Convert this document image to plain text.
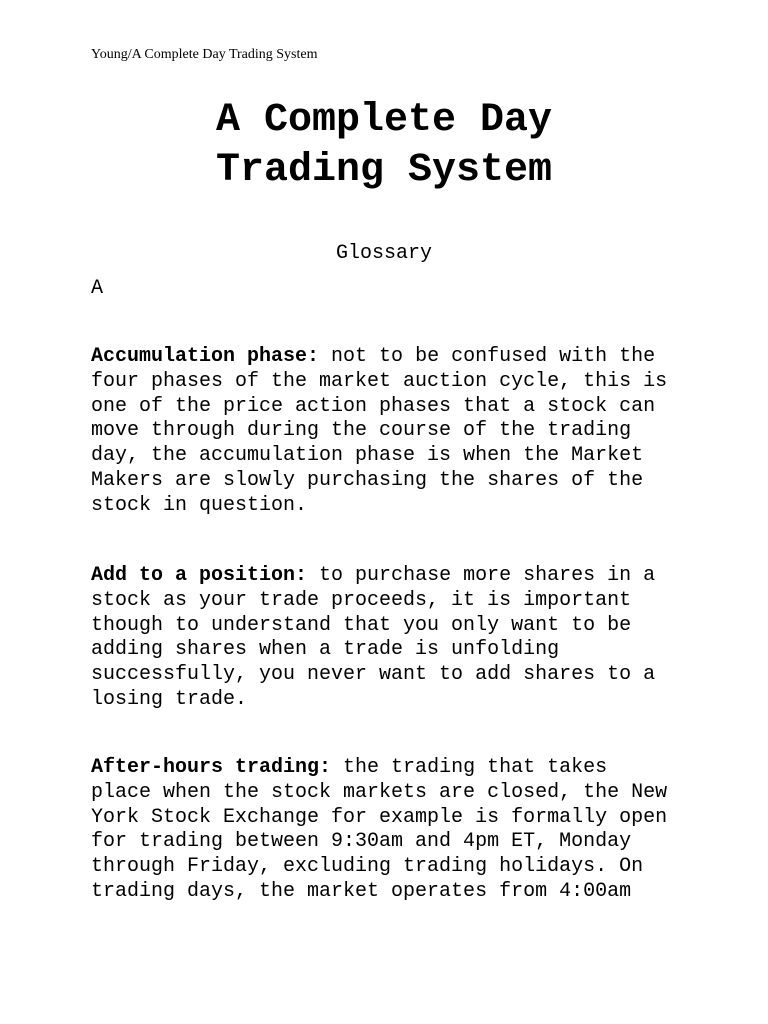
Young/A Complete Day Trading System
A Complete Day
Trading System
Glossary
A

Accumulation phase: not to be confused with the
four phases of the market auction cycle, this is
one of the price action phases that a stock can
move through during the course of the trading
day, the accumulation phase is when the Market
Makers are slowly purchasing the shares of the
stock in question.

Add to a position: to purchase more shares in a
stock as your trade proceeds, it is important
though to understand that you only want to be
adding shares when a trade is unfolding
successfully, you never want to add shares to a
losing trade.

After-hours trading: the trading that takes
place when the stock markets are closed, the New
York Stock Exchange for example is formally open
for trading between 9:30am and 4pm ET, Monday
through Friday, excluding trading holidays. On
trading days, the market operates from 4:00am
